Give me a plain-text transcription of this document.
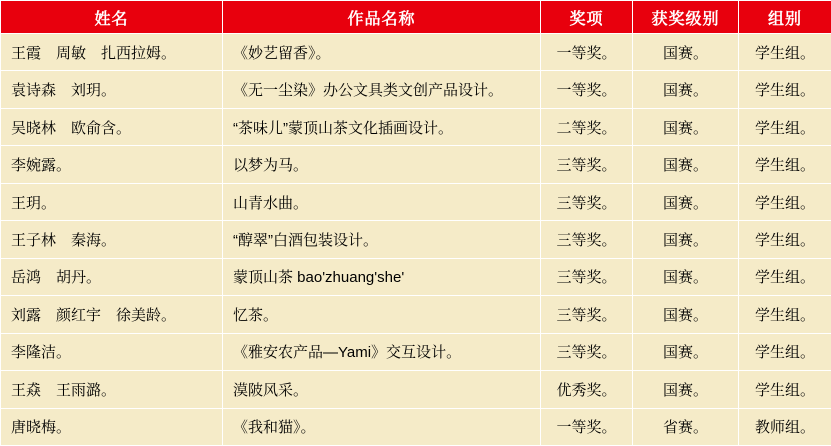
姓名	作品名称	奖项	获奖级别	组别
王霞　周敏　扎西拉姆。	《妙艺留香》。	一等奖。	国赛。	学生组。
袁诗森　刘玥。	《无一尘染》办公文具类文创产品设计。	一等奖。	国赛。	学生组。
吴晓林　欧俞含。	“茶味儿”蒙顶山茶文化插画设计。	二等奖。	国赛。	学生组。
李婉露。	以梦为马。	三等奖。	国赛。	学生组。
王玥。	山青水曲。	三等奖。	国赛。	学生组。
王子林　秦海。	“醇翠”白酒包装设计。	三等奖。	国赛。	学生组。
岳鸿　胡丹。	蒙顶山茶 bao'zhuang'she'	三等奖。	国赛。	学生组。
刘露　颜红宇　徐美龄。	忆茶。	三等奖。	国赛。	学生组。
李隆洁。	《雅安农产品—Yami》交互设计。	三等奖。	国赛。	学生组。
王猋　王雨潞。	漠陂风采。	优秀奖。	国赛。	学生组。
唐晓梅。	《我和猫》。	一等奖。	省赛。	教师组。
